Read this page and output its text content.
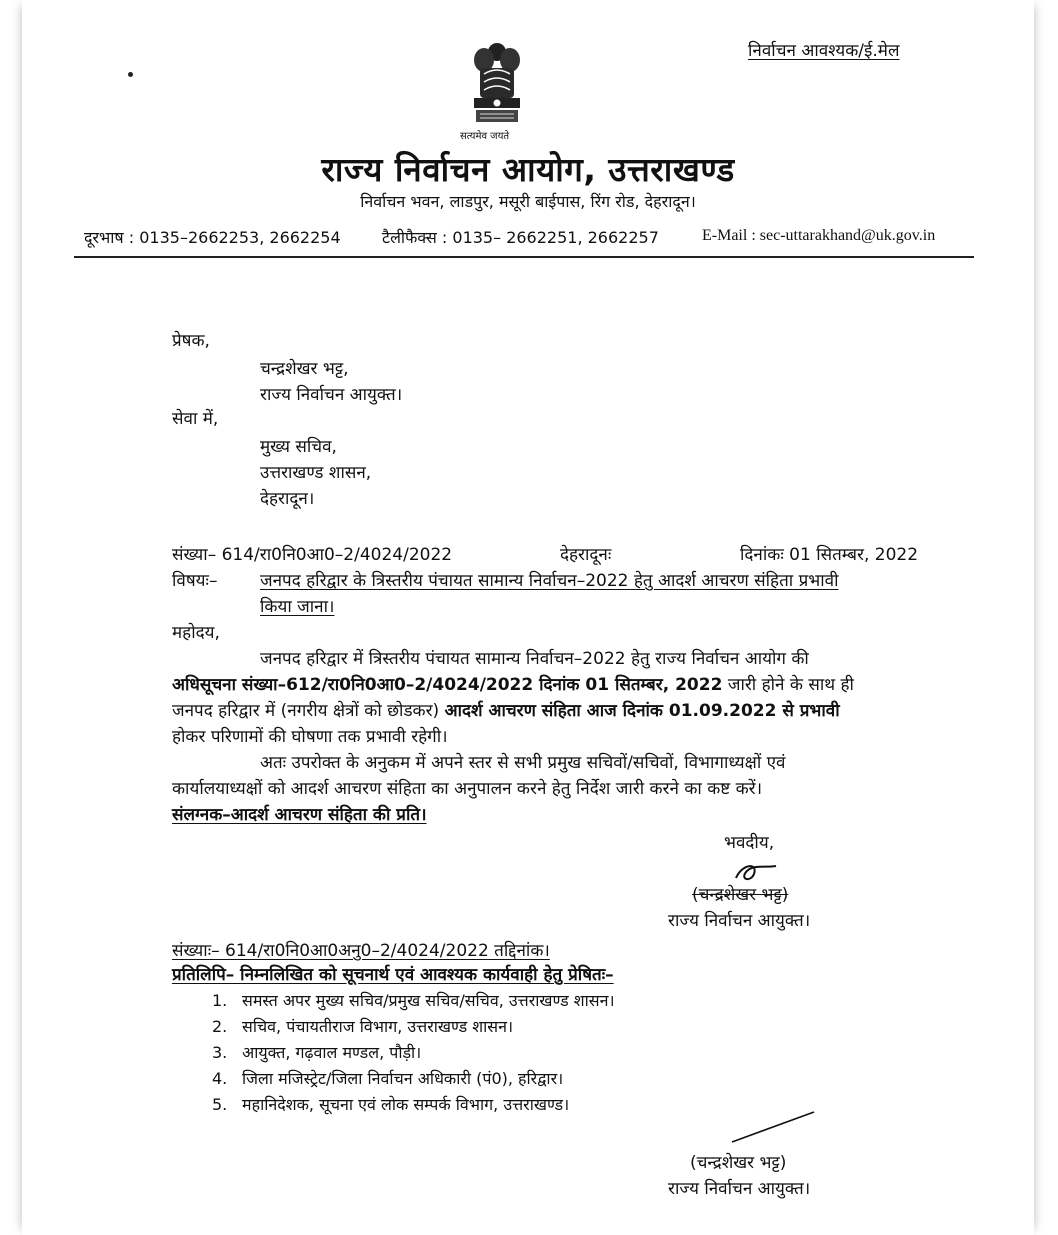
निर्वाचन आवश्यक/ई.मेल
सत्यमेव जयते
राज्य निर्वाचन आयोग, उत्तराखण्ड
निर्वाचन भवन, लाडपुर, मसूरी बाईपास, रिंग रोड, देहरादून।
दूरभाष : 0135–2662253, 2662254	टैलीफैक्स : 0135– 2662251, 2662257	E-Mail : sec-uttarakhand@uk.gov.in
प्रेषक,
चन्द्रशेखर भट्ट,
राज्य निर्वाचन आयुक्त।
सेवा में,
मुख्य सचिव,
उत्तराखण्ड शासन,
देहरादून।
संख्या– 614/रा0नि0आ0–2/4024/2022	देहरादूनः	दिनांकः 01 सितम्बर, 2022
विषयः–	जनपद हरिद्वार के त्रिस्तरीय पंचायत सामान्य निर्वाचन–2022 हेतु आदर्श आचरण संहिता प्रभावी
किया जाना।
महोदय,
जनपद हरिद्वार में त्रिस्तरीय पंचायत सामान्य निर्वाचन–2022 हेतु राज्य निर्वाचन आयोग की
अधिसूचना संख्या–612/रा0नि0आ0–2/4024/2022 दिनांक 01 सितम्बर, 2022 जारी होने के साथ ही
जनपद हरिद्वार में (नगरीय क्षेत्रों को छोडकर) आदर्श आचरण संहिता आज दिनांक 01.09.2022 से प्रभावी
होकर परिणामों की घोषणा तक प्रभावी रहेगी।
अतः उपरोक्त के अनुकम में अपने स्तर से सभी प्रमुख सचिवों/सचिवों, विभागाध्यक्षों एवं
कार्यालयाध्यक्षों को आदर्श आचरण संहिता का अनुपालन करने हेतु निर्देश जारी करने का कष्ट करें।
संलग्नक–आदर्श आचरण संहिता की प्रति।
भवदीय,
(चन्द्रशेखर भट्ट)
राज्य निर्वाचन आयुक्त।
संख्याः– 614/रा0नि0आ0अनु0–2/4024/2022 तद्दिनांक।
प्रतिलिपि– निम्नलिखित को सूचनार्थ एवं आवश्यक कार्यवाही हेतु प्रेषितः–
1. समस्त अपर मुख्य सचिव/प्रमुख सचिव/सचिव, उत्तराखण्ड शासन।
2. सचिव, पंचायतीराज विभाग, उत्तराखण्ड शासन।
3. आयुक्त, गढ़वाल मण्डल, पौड़ी।
4. जिला मजिस्ट्रेट/जिला निर्वाचन अधिकारी (पं0), हरिद्वार।
5. महानिदेशक, सूचना एवं लोक सम्पर्क विभाग, उत्तराखण्ड।
(चन्द्रशेखर भट्ट)
राज्य निर्वाचन आयुक्त।
